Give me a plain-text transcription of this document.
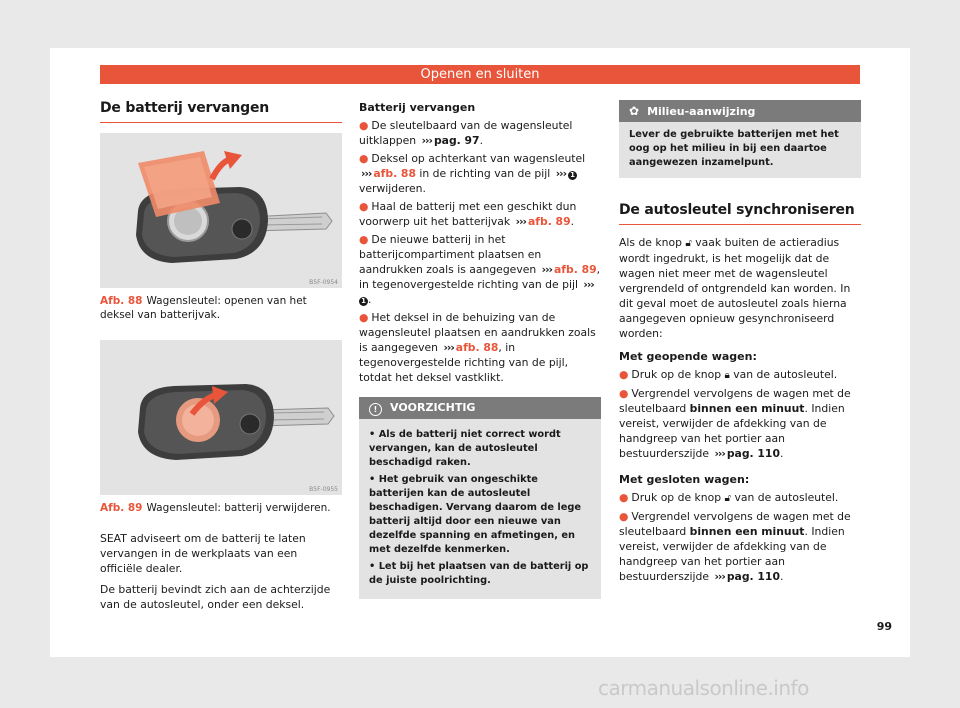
Openen en sluiten
De batterij vervangen
B5F-0954
Afb. 88 Wagensleutel: openen van het deksel van batterijvak.
B5F-0955
Afb. 89 Wagensleutel: batterij verwijderen.

SEAT adviseert om de batterij te laten vervangen in de werkplaats van een officiële dealer.

De batterij bevindt zich aan de achterzijde van de autosleutel, onder een deksel.

Batterij vervangen
● De sleutelbaard van de wagensleutel uitklappen ››› pag. 97.
● Deksel op achterkant van wagensleutel ››› afb. 88 in de richting van de pijl ››› 1 verwijderen.
● Haal de batterij met een geschikt dun voorwerp uit het batterijvak ››› afb. 89.
● De nieuwe batterij in het batterijcompartiment plaatsen en aandrukken zoals is aangegeven ››› afb. 89, in tegenovergestelde richting van de pijl ›››1 .
● Het deksel in de behuizing van de wagensleutel plaatsen en aandrukken zoals is aangegeven ››› afb. 88, in tegenovergestelde richting van de pijl, totdat het deksel vastklikt.
! VOORZICHTIG
• Als de batterij niet correct wordt vervangen, kan de autosleutel beschadigd raken.
• Het gebruik van ongeschikte batterijen kan de autosleutel beschadigen. Vervang daarom de lege batterij altijd door een nieuwe van dezelfde spanning en afmetingen, en met dezelfde kenmerken.
• Let bij het plaatsen van de batterij op de juiste poolrichting.
✿ Milieu-aanwijzing
Lever de gebruikte batterijen met het oog op het milieu in bij een daartoe aangewezen inzamelpunt.
De autosleutel synchroniseren

Als de knop 🔓︎ vaak buiten de actieradius wordt ingedrukt, is het mogelijk dat de wagen niet meer met de wagensleutel vergrendeld of ontgrendeld kan worden. In dit geval moet de autosleutel zoals hierna aangegeven opnieuw gesynchroniseerd worden:

Met geopende wagen:
● Druk op de knop 🔒︎ van de autosleutel.
● Vergrendel vervolgens de wagen met de sleutelbaard binnen een minuut. Indien vereist, verwijder de afdekking van de handgreep van het portier aan bestuurderszijde ››› pag. 110.
Met gesloten wagen:
● Druk op de knop 🔓︎ van de autosleutel.
● Vergrendel vervolgens de wagen met de sleutelbaard binnen een minuut. Indien vereist, verwijder de afdekking van de handgreep van het portier aan bestuurderszijde ››› pag. 110.
99
carmanualsonline.info
